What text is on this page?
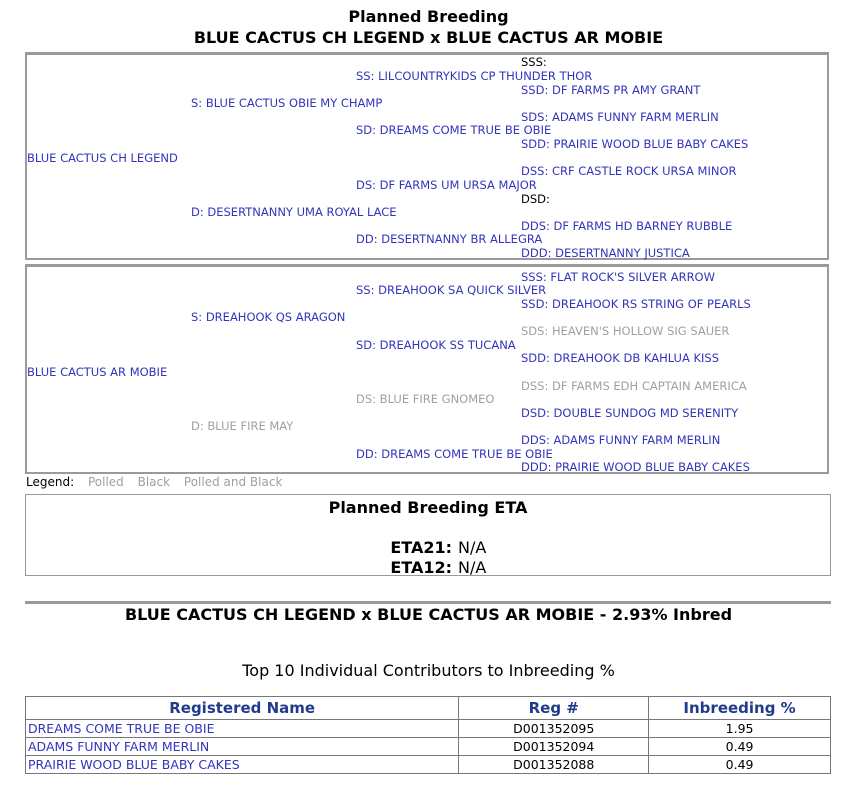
Planned Breeding
BLUE CACTUS CH LEGEND x BLUE CACTUS AR MOBIE
BLUE CACTUS CH LEGEND
S: BLUE CACTUS OBIE MY CHAMP
D: DESERTNANNY UMA ROYAL LACE
SS: LILCOUNTRYKIDS CP THUNDER THOR
SD: DREAMS COME TRUE BE OBIE
DS: DF FARMS UM URSA MAJOR
DD: DESERTNANNY BR ALLEGRA
SSS:
SSD: DF FARMS PR AMY GRANT
SDS: ADAMS FUNNY FARM MERLIN
SDD: PRAIRIE WOOD BLUE BABY CAKES
DSS: CRF CASTLE ROCK URSA MINOR
DSD:
DDS: DF FARMS HD BARNEY RUBBLE
DDD: DESERTNANNY JUSTICA
BLUE CACTUS AR MOBIE
S: DREAHOOK QS ARAGON
D: BLUE FIRE MAY
SS: DREAHOOK SA QUICK SILVER
SD: DREAHOOK SS TUCANA
DS: BLUE FIRE GNOMEO
DD: DREAMS COME TRUE BE OBIE
SSS: FLAT ROCK'S SILVER ARROW
SSD: DREAHOOK RS STRING OF PEARLS
SDS: HEAVEN'S HOLLOW SIG SAUER
SDD: DREAHOOK DB KAHLUA KISS
DSS: DF FARMS EDH CAPTAIN AMERICA
DSD: DOUBLE SUNDOG MD SERENITY
DDS: ADAMS FUNNY FARM MERLIN
DDD: PRAIRIE WOOD BLUE BABY CAKES
Legend: Polled Black Polled and Black
Planned Breeding ETA
ETA21: N/A
ETA12: N/A
BLUE CACTUS CH LEGEND x BLUE CACTUS AR MOBIE - 2.93% Inbred
Top 10 Individual Contributors to Inbreeding %
Registered Name	Reg #	Inbreeding %
DREAMS COME TRUE BE OBIE	D001352095	1.95
ADAMS FUNNY FARM MERLIN	D001352094	0.49
PRAIRIE WOOD BLUE BABY CAKES	D001352088	0.49
